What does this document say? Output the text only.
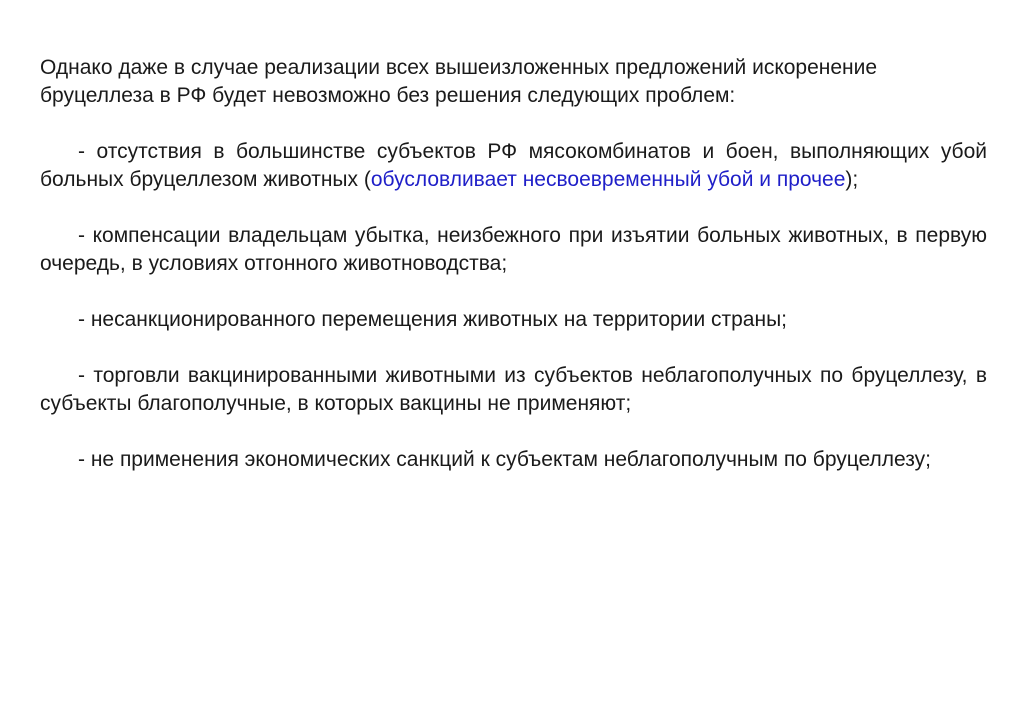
Однако даже в случае реализации всех вышеизложенных предложений искоренение бруцеллеза в РФ будет невозможно без решения следующих проблем:

- отсутствия в большинстве субъектов РФ мясокомбинатов и боен, выполняющих убой больных бруцеллезом животных (обусловливает несвоевременный убой и прочее);

- компенсации владельцам убытка, неизбежного при изъятии больных животных, в первую очередь, в условиях отгонного животноводства;

- несанкционированного перемещения животных на территории страны;

- торговли вакцинированными животными из субъектов неблагополучных по бруцеллезу, в субъекты благополучные, в которых вакцины не применяют;

- не применения экономических санкций к субъектам неблагополучным по бруцеллезу;
